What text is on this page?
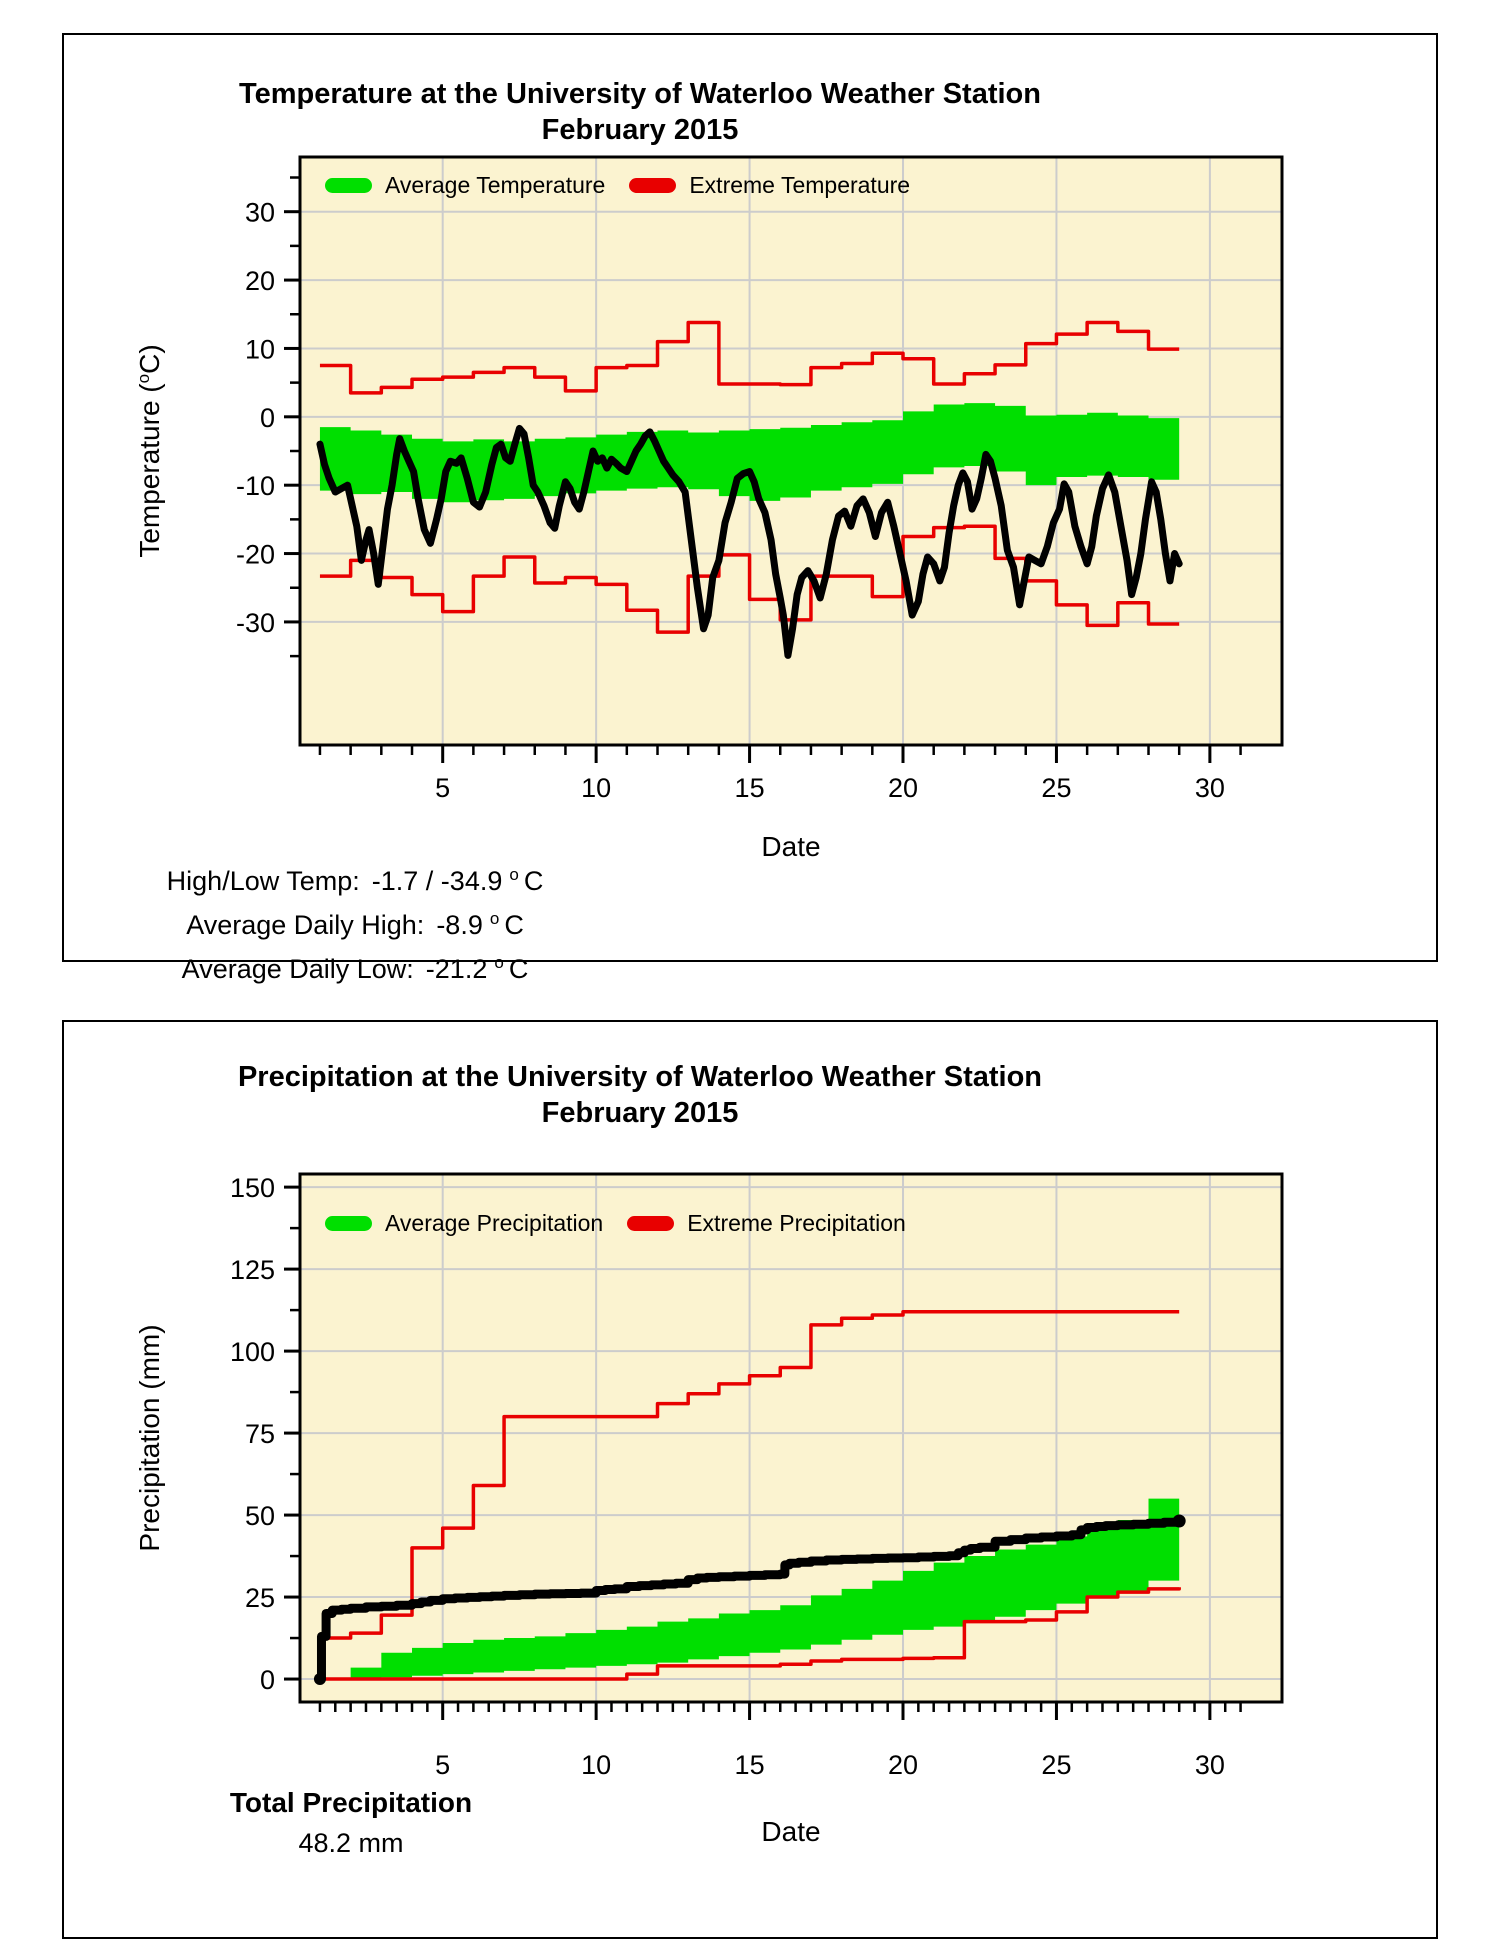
Temperature at the University of Waterloo Weather Station
February 2015
Temperature ($^o$C)
5	10	15	20	25	30
-30
-20
-10
0
10
20
30
Average Temperature	Extreme Temperature
Date
High/Low Temp: -1.7 / -34.9 $^o$ C
Average Daily High: -8.9 $^o$ C
Average Daily Low: -21.2 $^o$ C
Precipitation at the University of Waterloo Weather Station
February 2015
Precipitation (mm)
5	10	15	20	25	30
0
25
50
75
100
125
150
Average Precipitation	Extreme Precipitation
Date
Total Precipitation
48.2 mm
